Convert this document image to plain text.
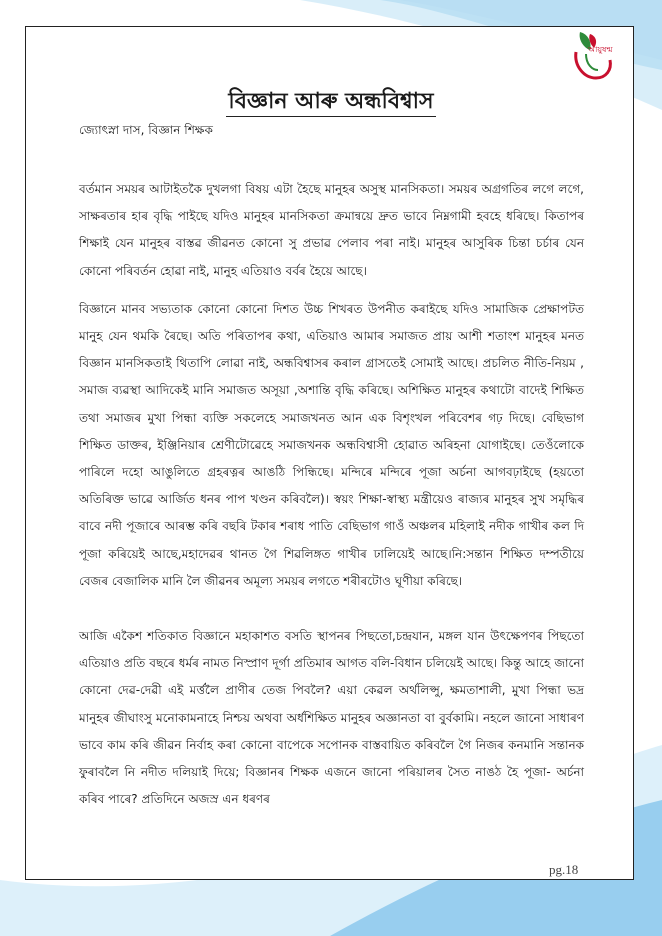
আয়ুষন্ম
বিজ্ঞান আৰু অন্ধবিশ্বাস
জ্যোৎস্না দাস, বিজ্ঞান শিক্ষক

বৰ্তমান সময়ৰ আটাইতকৈ দুখলগা বিষয় এটা হৈছে মানুহৰ অসুস্থ মানসিকতা। সময়ৰ অগ্ৰগতিৰ লগে লগে, সাক্ষৰতাৰ হাৰ বৃদ্ধি পাইছে যদিও মানুহৰ মানসিকতা ক্ৰমান্বয়ে দ্ৰুত ভাবে নিম্নগামী হবহে ধৰিছে। কিতাপৰ শিক্ষাই যেন মানুহৰ বাস্তৱ জীৱনত কোনো সু প্ৰভাৱ পেলাব পৰা নাই। মানুহৰ আসুৰিক চিন্তা চৰ্চাৰ যেন কোনো পৰিবৰ্তন হোৱা নাই, মানুহ এতিয়াও বৰ্বৰ হৈয়ে আছে।

বিজ্ঞানে মানব সভ্যতাক কোনো কোনো দিশত উচ্চ শিখৰত উপনীত কৰাইছে যদিও সামাজিক প্ৰেক্ষাপটত মানুহ যেন থমকি ৰৈছে। অতি পৰিতাপৰ কথা, এতিয়াও আমাৰ সমাজত প্ৰায় আশী শতাংশ মানুহৰ মনত বিজ্ঞান মানসিকতাই থিতাপি লোৱা নাই, অন্ধবিশ্বাসৰ কৰাল গ্ৰাসতেই সোমাই আছে। প্ৰচলিত নীতি-নিয়ম , সমাজ ব্যৱস্থা আদিকেই মানি সমাজত অসূয়া ,অশান্তি বৃদ্ধি কৰিছে। অশিক্ষিত মানুহৰ কথাটো বাদেই শিক্ষিত তথা সমাজৰ মুখা পিন্ধা ব্যক্তি সকলেহে সমাজখনত আন এক বিশৃংখল পৰিবেশৰ গঢ় দিছে। বেছিভাগ শিক্ষিত ডাক্তৰ, ইঞ্জিনিয়াৰ শ্ৰেণীটোৱেহে সমাজখনক অন্ধবিশ্বাসী হোৱাত অৰিহনা যোগাইছে। তেওঁলোকে পাৰিলে দহো আঙুলিতে গ্ৰহৰত্নৰ আঙঠি পিন্ধিছে। মন্দিৰে মন্দিৰে পূজা অৰ্চনা আগবঢ়াইছে (হয়তো অতিৰিক্ত ভাৱে আৰ্জিত ধনৰ পাপ খণ্ডন কৰিবলৈ)। স্বয়ং শিক্ষা-স্বাস্থ্য মন্ত্ৰীয়েও ৰাজ্যৰ মানুহৰ সুখ সমৃদ্ধিৰ বাবে নদী পূজাৰে আৰম্ভ কৰি বছৰি টকাৰ শৰাধ পাতি বেছিভাগ গাওঁ অঞ্চলৰ মহিলাই নদীক গাখীৰ কল দি পূজা কৰিয়েই আছে,মহাদেৱৰ থানত গৈ শিৱলিঙ্গত গাখীৰ ঢালিয়েই আছে।নি:সন্তান শিক্ষিত দম্পতীয়ে বেজৰ বেজালিক মানি লৈ জীৱনৰ অমূল্য সময়ৰ লগতে শৰীৰটোও ঘূণীয়া কৰিছে।

আজি একৈশ শতিকাত বিজ্ঞানে মহাকাশত বসতি স্থাপনৰ পিছতো,চন্দ্ৰযান, মঙ্গল যান উৎক্ষেপণৰ পিছতো এতিয়াও প্ৰতি বছৰে ধৰ্মৰ নামত নিস্প্ৰাণ দূৰ্গা প্ৰতিমাৰ আগত বলি-বিধান চলিয়েই আছে। কিন্তু আহে জানো কোনো দেৱ-দেৱী এই মৰ্ত্তলৈ প্ৰাণীৰ তেজ পিবলৈ? এয়া কেৱল অৰ্থলিপ্সু, ক্ষমতাশালী, মুখা পিন্ধা ভদ্ৰ মানুহৰ জীঘাংসু মনোকামনাহে নিশ্চয় অথবা অৰ্ধশিক্ষিত মানুহৰ অজ্ঞানতা বা বুৰ্বকামি। নহলে জানো সাধাৰণ ভাবে কাম কৰি জীৱন নিৰ্বাহ কৰা কোনো বাপেকে সপোনক বাস্তবায়িত কৰিবলৈ গৈ নিজৰ কনমানি সন্তানক ফুৰাবলৈ নি নদীত দলিয়াই দিয়ে; বিজ্ঞানৰ শিক্ষক এজনে জানো পৰিয়ালৰ সৈত নাঙঠ হৈ পূজা- অৰ্চনা কৰিব পাৰে? প্ৰতিদিনে অজস্ৰ এন ধৰণৰ

pg.18
